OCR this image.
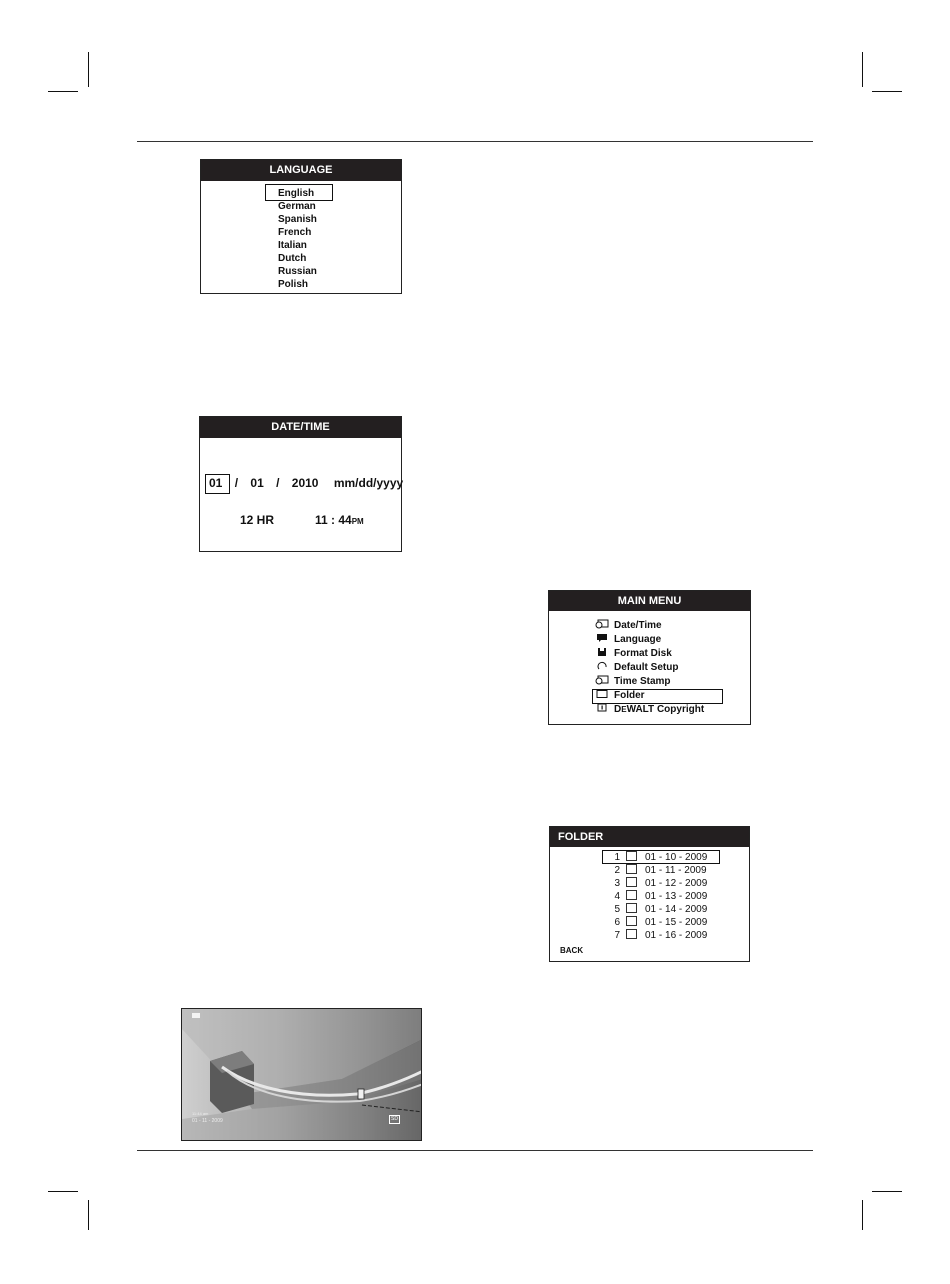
LANGUAGE
English
German
Spanish
French
Italian
Dutch
Russian
Polish
DATE/TIME
01 / 01 / 2010 mm/dd/yyyy
12 HR	11 : 44PM
MAIN MENU
Date/Time
Language
Format Disk
Default Setup
Time Stamp
Folder
DEWALT Copyright
FOLDER
1	01 - 10 - 2009
2	01 - 11 - 2009
3	01 - 12 - 2009
4	01 - 13 - 2009
5	01 - 14 - 2009
6	01 - 15 - 2009
7	01 - 16 - 2009
BACK
11:44 am
01 - 11 - 2009	SD
